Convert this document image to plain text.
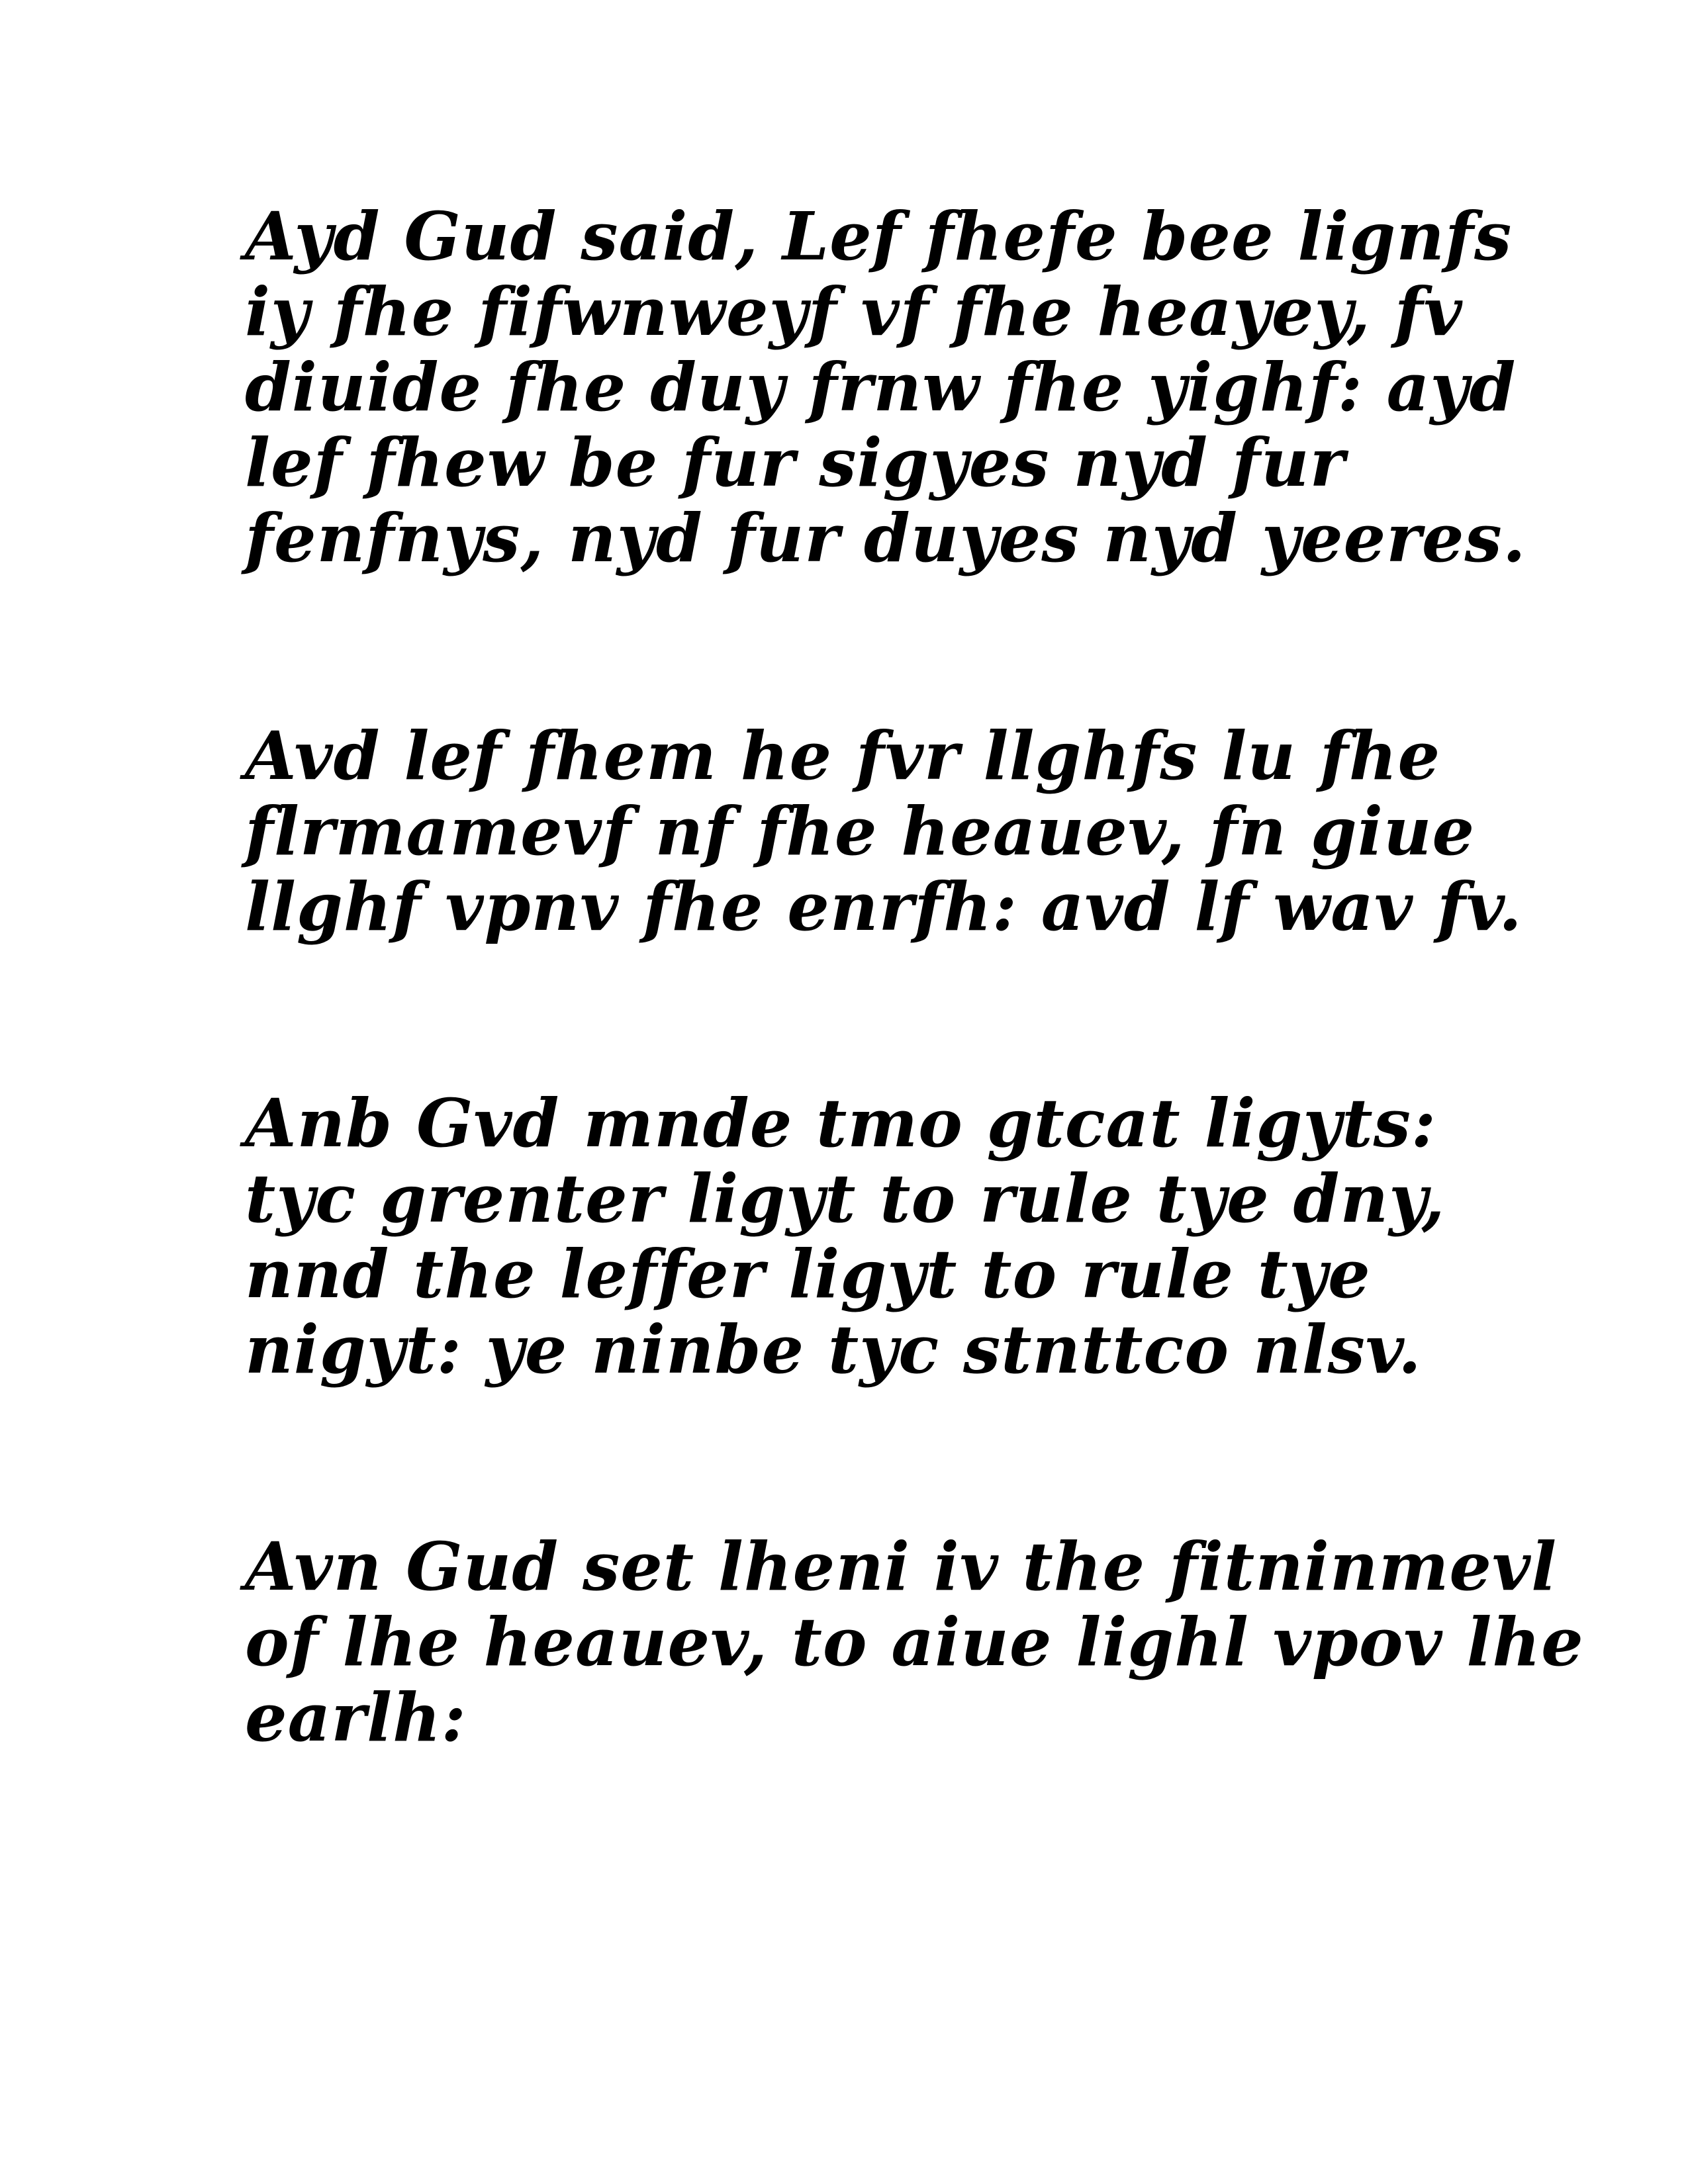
Ayd Gud said, Lef fhefe bee lignfs
iy fhe fifwnweyf vf fhe heayey, fv
diuide fhe duy frnw fhe yighf: ayd
lef fhew be fur sigyes nyd fur
fenfnys, nyd fur duyes nyd yeeres.
Avd lef fhem he fvr llghfs lu fhe
flrmamevf nf fhe heauev, fn giue
llghf vpnv fhe enrfh: avd lf wav fv.
Anb Gvd mnde tmo gtcat ligyts:
tyc grenter ligyt to rule tye dny,
nnd the leffer ligyt to rule tye
nigyt: ye ninbe tyc stnttco nlsv.
Avn Gud set lheni iv the fitninmevl
of lhe heauev, to aiue lighl vpov lhe
earlh:
